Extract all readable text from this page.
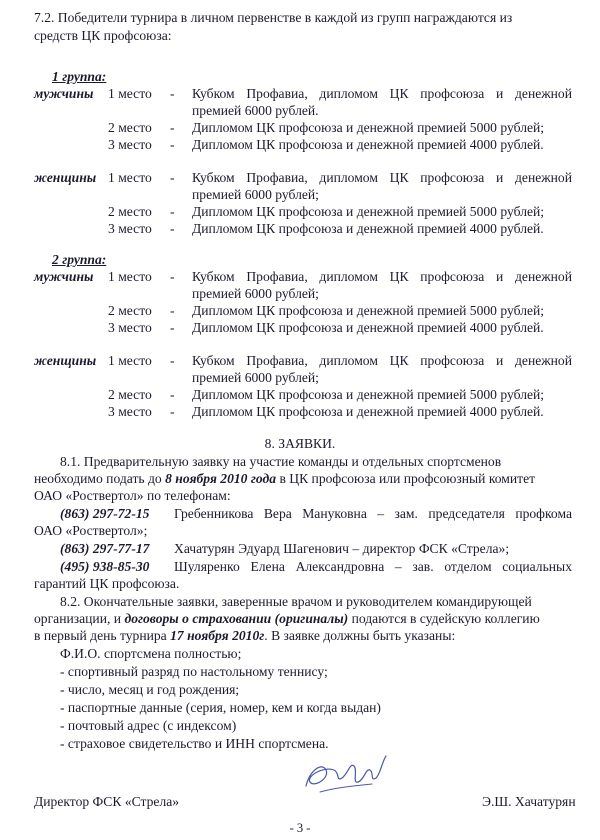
7.2. Победители турнира в личном первенстве в каждой из групп награждаются из
средств ЦК профсоюза:
1 группа:
мужчины 1 место - Кубком Профавиа, дипломом ЦК профсоюза и денежной
премией 6000 рублей.
2 место - Дипломом ЦК профсоюза и денежной премией 5000 рублей;
3 место - Дипломом ЦК профсоюза и денежной премией 4000 рублей.
женщины 1 место - Кубком Профавиа, дипломом ЦК профсоюза и денежной
премией 6000 рублей;
2 место - Дипломом ЦК профсоюза и денежной премией 5000 рублей;
3 место - Дипломом ЦК профсоюза и денежной премией 4000 рублей.
2 группа:
мужчины 1 место - Кубком Профавиа, дипломом ЦК профсоюза и денежной
премией 6000 рублей;
2 место - Дипломом ЦК профсоюза и денежной премией 5000 рублей;
3 место - Дипломом ЦК профсоюза и денежной премией 4000 рублей.
женщины 1 место - Кубком Профавиа, дипломом ЦК профсоюза и денежной
премией 6000 рублей;
2 место - Дипломом ЦК профсоюза и денежной премией 5000 рублей;
3 место - Дипломом ЦК профсоюза и денежной премией 4000 рублей.
8. ЗАЯВКИ.
8.1. Предварительную заявку на участие команды и отдельных спортсменов
необходимо подать до 8 ноября 2010 года в ЦК профсоюза или профсоюзный комитет
ОАО «Роствертол» по телефонам:
(863) 297-72-15 Гребенникова Вера Мануковна – зам. председателя профкома
ОАО «Роствертол»;
(863) 297-77-17 Хачатурян Эдуард Шагенович – директор ФСК «Стрела»;
(495) 938-85-30 Шуляренко Елена Александровна – зав. отделом социальных
гарантий ЦК профсоюза.
8.2. Окончательные заявки, заверенные врачом и руководителем командирующей
организации, и договоры о страховании (оригиналы) подаются в судейскую коллегию
в первый день турнира 17 ноября 2010г. В заявке должны быть указаны:
Ф.И.О. спортсмена полностью;
- спортивный разряд по настольному теннису;
- число, месяц и год рождения;
- паспортные данные (серия, номер, кем и когда выдан)
- почтовый адрес (с индексом)
- страховое свидетельство и ИНН спортсмена.
Директор ФСК «Стрела»	Э.Ш. Хачатурян
- 3 -
